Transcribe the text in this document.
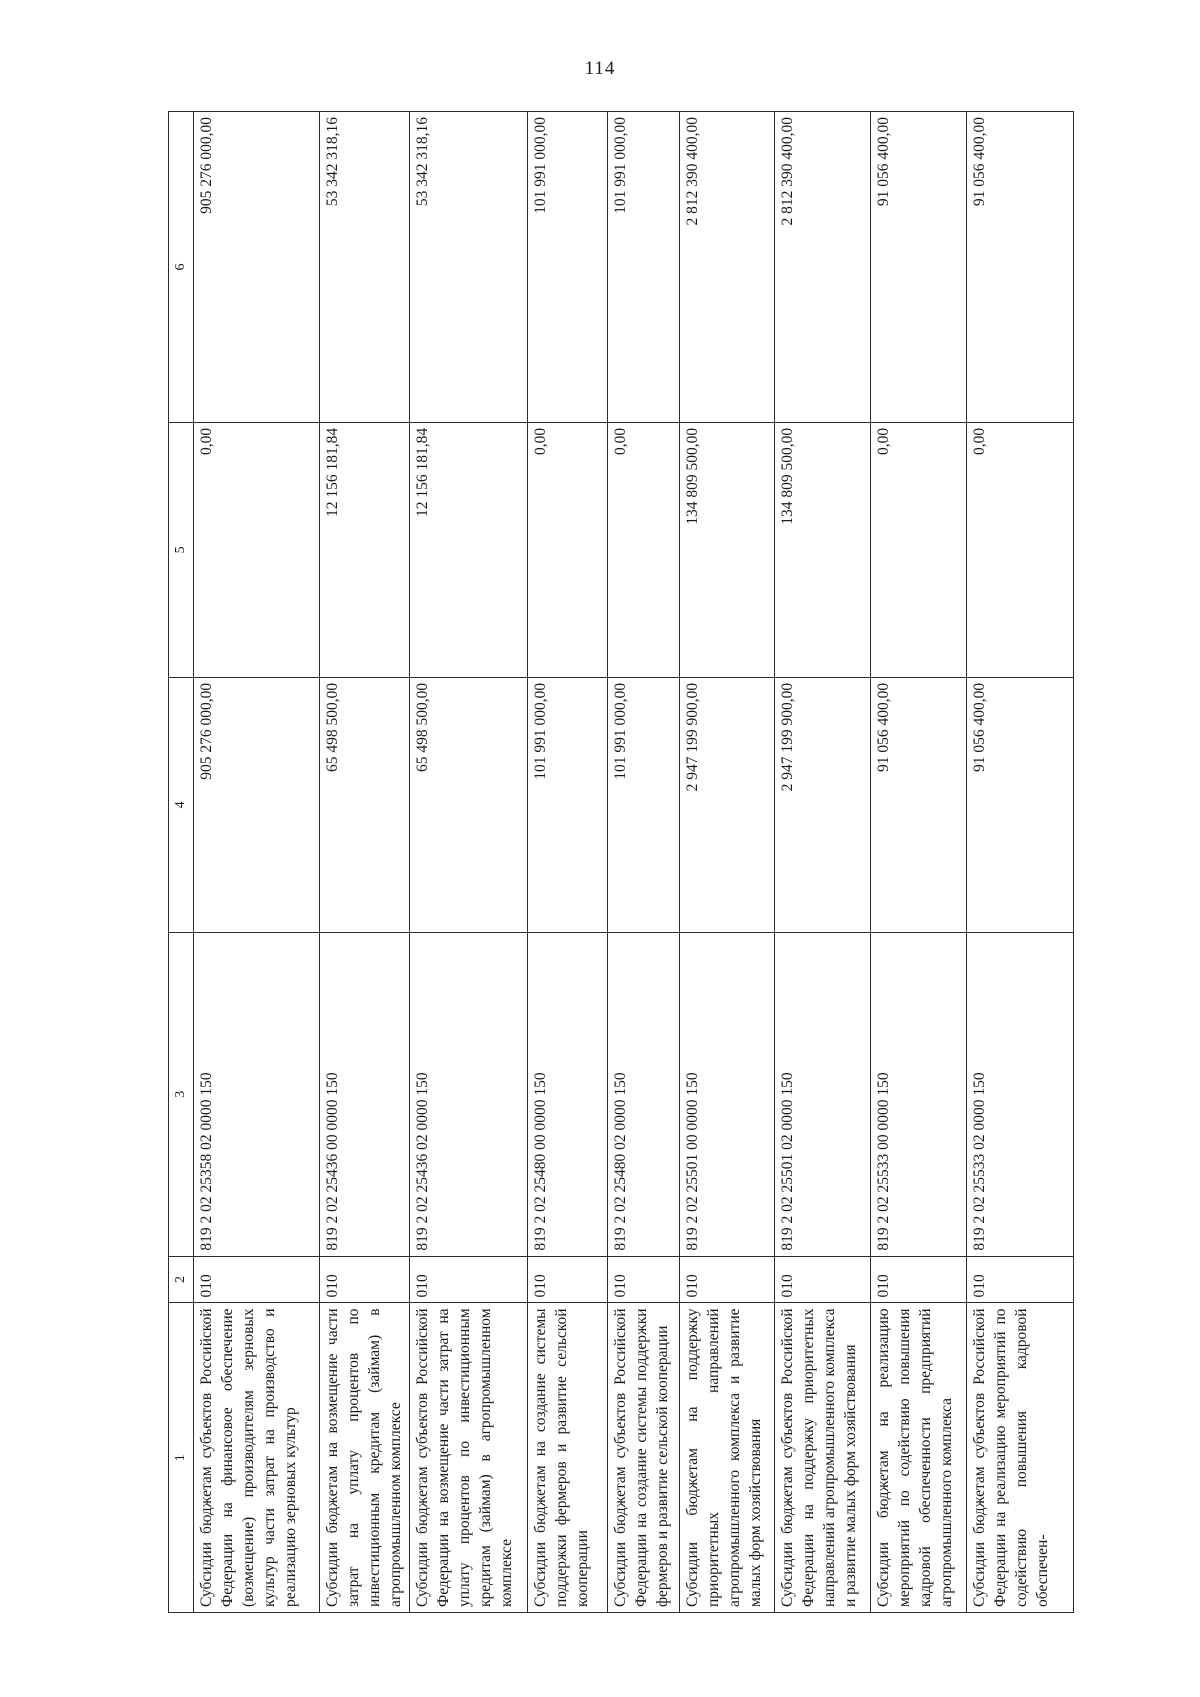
114
1	2	3	4	5	6
Субсидии бюджетам субъектов Российской Федерации на финансовое обеспечение (возмещение) производителям зерновых культур части затрат на производство и реализацию зерновых культур	010	819 2 02 25358 02 0000 150	905 276 000,00	0,00	905 276 000,00
Субсидии бюджетам на возмещение части затрат на уплату процентов по инвестиционным кредитам (займам) в агропромышленном комплексе	010	819 2 02 25436 00 0000 150	65 498 500,00	12 156 181,84	53 342 318,16
Субсидии бюджетам субъектов Российской Федерации на возмещение части затрат на уплату процентов по инвестиционным кредитам (займам) в агропромышленном комплексе	010	819 2 02 25436 02 0000 150	65 498 500,00	12 156 181,84	53 342 318,16
Субсидии бюджетам на создание системы поддержки фермеров и развитие сельской кооперации	010	819 2 02 25480 00 0000 150	101 991 000,00	0,00	101 991 000,00
Субсидии бюджетам субъектов Российской Федерации на создание системы поддержки фермеров и развитие сельской кооперации	010	819 2 02 25480 02 0000 150	101 991 000,00	0,00	101 991 000,00
Субсидии бюджетам на поддержку приоритетных направлений агропромышленного комплекса и развитие малых форм хозяйствования	010	819 2 02 25501 00 0000 150	2 947 199 900,00	134 809 500,00	2 812 390 400,00
Субсидии бюджетам субъектов Российской Федерации на поддержку приоритетных направлений агропромышленного комплекса и развитие малых форм хозяйствования	010	819 2 02 25501 02 0000 150	2 947 199 900,00	134 809 500,00	2 812 390 400,00
Субсидии бюджетам на реализацию мероприятий по содействию повышения кадровой обеспеченности предприятий агропромышленного комплекса	010	819 2 02 25533 00 0000 150	91 056 400,00	0,00	91 056 400,00
Субсидии бюджетам субъектов Российской Федерации на реализацию мероприятий по содействию повышения кадровой обеспечен-	010	819 2 02 25533 02 0000 150	91 056 400,00	0,00	91 056 400,00
